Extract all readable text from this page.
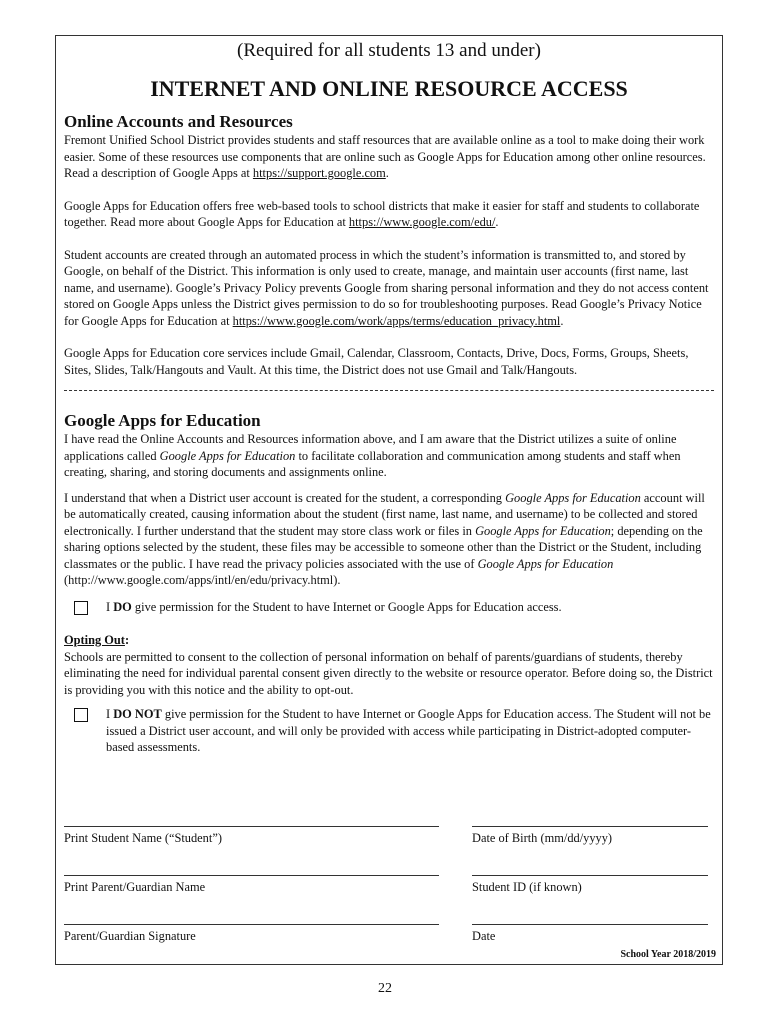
(Required for all students 13 and under)
INTERNET AND ONLINE RESOURCE ACCESS
Online Accounts and Resources
Fremont Unified School District provides students and staff resources that are available online as a tool to make doing their work easier. Some of these resources use components that are online such as Google Apps for Education among other online resources. Read a description of Google Apps at https://support.google.com.
Google Apps for Education offers free web-based tools to school districts that make it easier for staff and students to collaborate together. Read more about Google Apps for Education at https://www.google.com/edu/.
Student accounts are created through an automated process in which the student’s information is transmitted to, and stored by Google, on behalf of the District. This information is only used to create, manage, and maintain user accounts (first name, last name, and username). Google’s Privacy Policy prevents Google from sharing personal information and they do not access content stored on Google Apps unless the District gives permission to do so for troubleshooting purposes. Read Google’s Privacy Notice for Google Apps for Education at https://www.google.com/work/apps/terms/education_privacy.html.
Google Apps for Education core services include Gmail, Calendar, Classroom, Contacts, Drive, Docs, Forms, Groups, Sheets, Sites, Slides, Talk/Hangouts and Vault. At this time, the District does not use Gmail and Talk/Hangouts.
Google Apps for Education
I have read the Online Accounts and Resources information above, and I am aware that the District utilizes a suite of online applications called Google Apps for Education to facilitate collaboration and communication among students and staff when creating, sharing, and storing documents and assignments online.
I understand that when a District user account is created for the student, a corresponding Google Apps for Education account will be automatically created, causing information about the student (first name, last name, and username) to be collected and stored electronically. I further understand that the student may store class work or files in Google Apps for Education; depending on the sharing options selected by the student, these files may be accessible to someone other than the District or the Student, including classmates or the public. I have read the privacy policies associated with the use of Google Apps for Education (http://www.google.com/apps/intl/en/edu/privacy.html).
I DO give permission for the Student to have Internet or Google Apps for Education access.
Opting Out:
Schools are permitted to consent to the collection of personal information on behalf of parents/guardians of students, thereby eliminating the need for individual parental consent given directly to the website or resource operator. Before doing so, the District is providing you with this notice and the ability to opt-out.
I DO NOT give permission for the Student to have Internet or Google Apps for Education access. The Student will not be issued a District user account, and will only be provided with access while participating in District-adopted computer-based assessments.
Print Student Name (“Student”)	Date of Birth (mm/dd/yyyy)
Print Parent/Guardian Name	Student ID (if known)
Parent/Guardian Signature	Date
School Year 2018/2019
22
